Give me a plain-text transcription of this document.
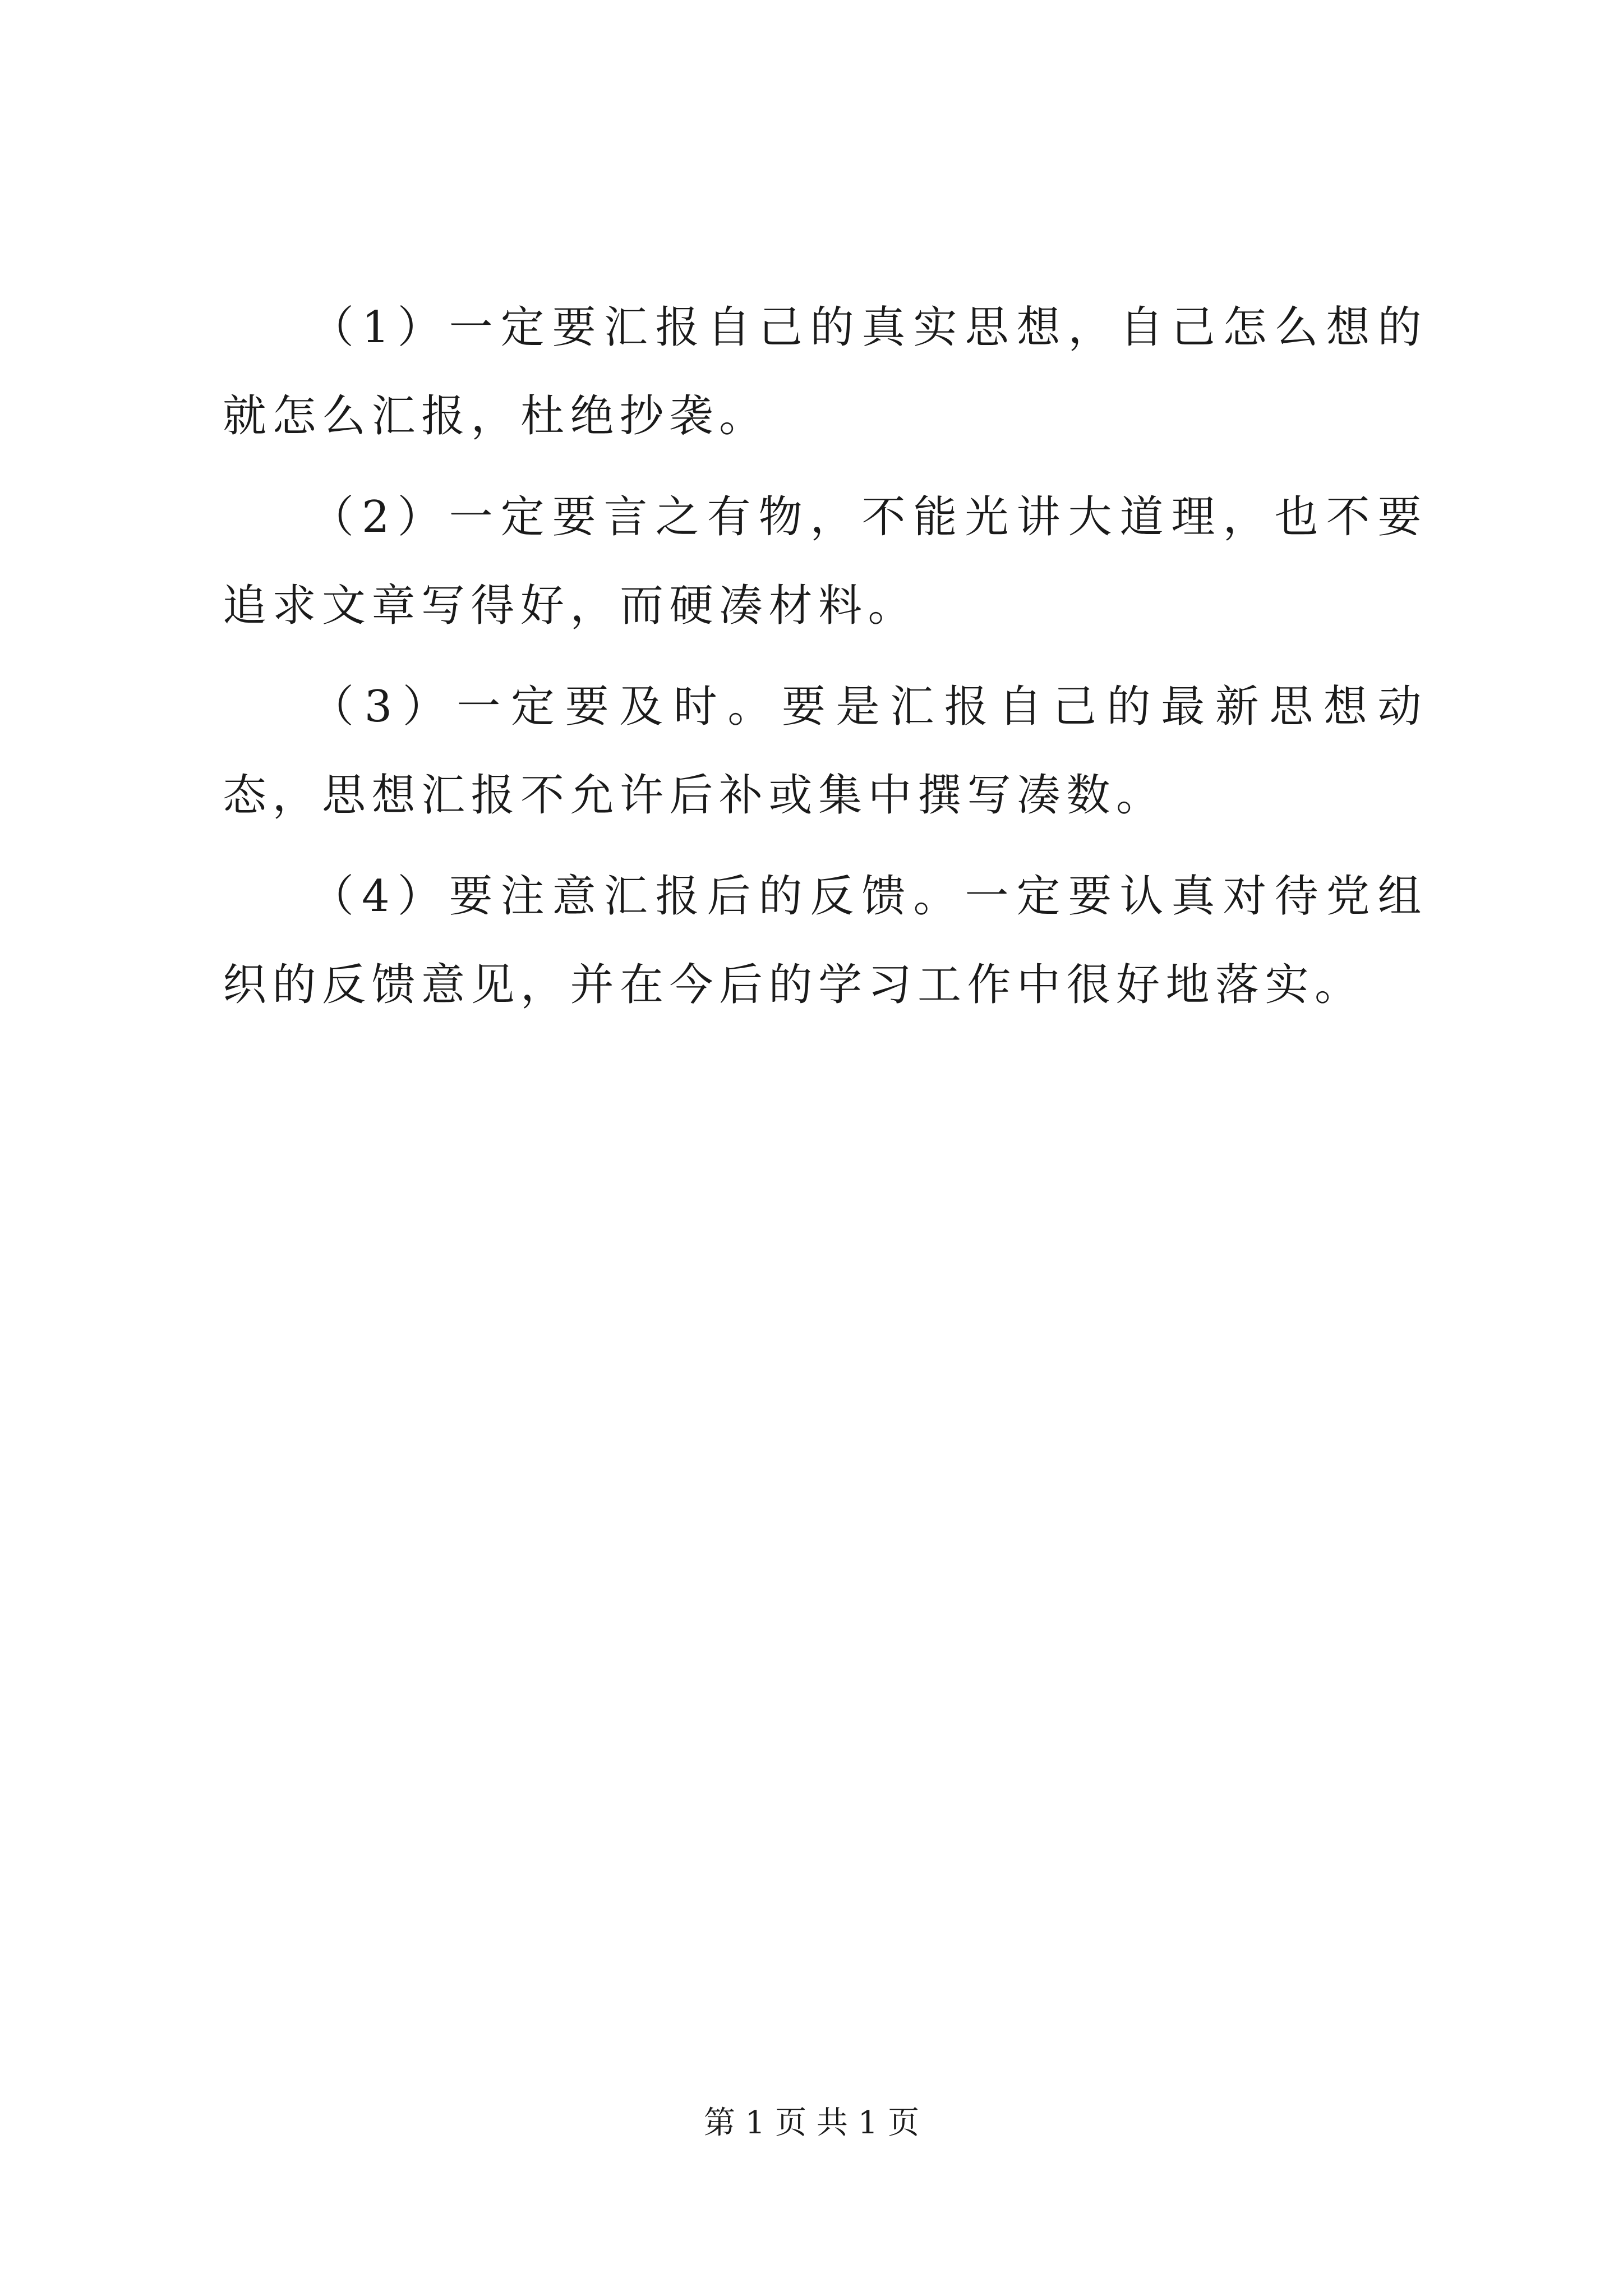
（1）一定要汇报自己的真实思想，自己怎么想的就怎么汇报，杜绝抄袭。

（2）一定要言之有物，不能光讲大道理，也不要追求文章写得好，而硬凑材料。

（3）一定要及时。要是汇报自己的最新思想动态，思想汇报不允许后补或集中撰写凑数。

（4）要注意汇报后的反馈。一定要认真对待党组织的反馈意见，并在今后的学习工作中很好地落实。

第 1 页 共 1 页
